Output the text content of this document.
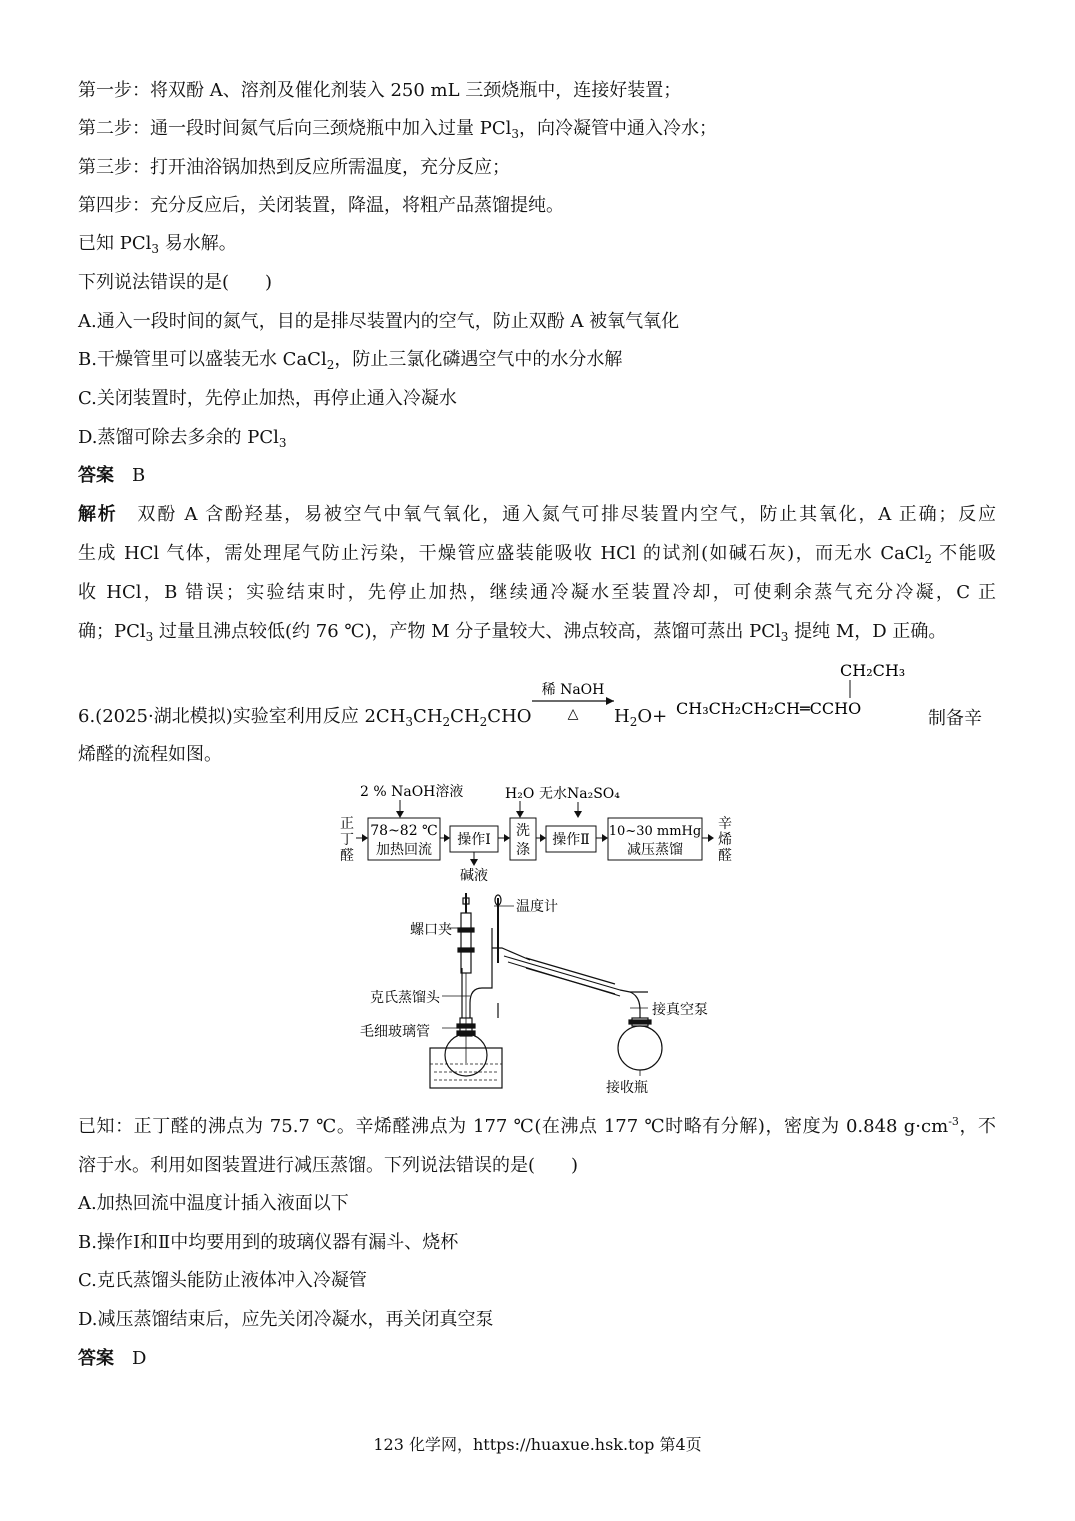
第一步：将双酚 A、溶剂及催化剂装入 250 mL 三颈烧瓶中，连接好装置；
第二步：通一段时间氮气后向三颈烧瓶中加入过量 PCl$_3$，向冷凝管中通入冷水；
第三步：打开油浴锅加热到反应所需温度，充分反应；
第四步：充分反应后，关闭装置，降温，将粗产品蒸馏提纯。
已知 PCl$_3$ 易水解。
下列说法错误的是(　　)
A.通入一段时间的氮气，目的是排尽装置内的空气，防止双酚 A 被氧气氧化
B.干燥管里可以盛装无水 CaCl$_2$，防止三氯化磷遇空气中的水分水解
C.关闭装置时，先停止加热，再停止通入冷凝水
D.蒸馏可除去多余的 PCl$_3$
答案　 B
解析　 双酚 A 含酚羟基，易被空气中氧气氧化，通入氮气可排尽装置内空气，防止其氧化，A 正确；反应
生成 HCl 气体，需处理尾气防止污染，干燥管应盛装能吸收 HCl 的试剂(如碱石灰)，而无水 CaCl$_2$ 不能吸
收 HCl，B 错误；实验结束时，先停止加热，继续通冷凝水至装置冷却，可使剩余蒸气充分冷凝，C 正
确；PCl$_3$ 过量且沸点较低(约 76 ℃)，产物 M 分子量较大、沸点较高，蒸馏可蒸出 PCl$_3$ 提纯 M，D 正确。
6.(2025·湖北模拟)实验室利用反应 $2CH_3CH_2CH_2CHO$
稀 NaOH
△ $H_2O+$
CH₂CH₃
CH₃CH₂CH₂CH═CCHO	制备辛
烯醛的流程如图。
2 % NaOH溶液	H₂O 无水Na₂SO₄
正
丁
醛
78~82 ℃
加热回流
操作Ⅰ
碱液
洗
涤
操作Ⅱ
10~30 mmHg
减压蒸馏
辛
烯
醛
温度计
螺口夹
克氏蒸馏头
毛细玻璃管
接真空泵
接收瓶
已知：正丁醛的沸点为 75.7 ℃。辛烯醛沸点为 177 ℃(在沸点 177 ℃时略有分解)，密度为 0.848 $g\cdot cm^{-3}$，不
溶于水。利用如图装置进行减压蒸馏。下列说法错误的是(　　)
A.加热回流中温度计插入液面以下
B.操作Ⅰ和Ⅱ中均要用到的玻璃仪器有漏斗、烧杯
C.克氏蒸馏头能防止液体冲入冷凝管
D.减压蒸馏结束后，应先关闭冷凝水，再关闭真空泵
答案　 D
123 化学网，https://huaxue.hsk.top 第4页
